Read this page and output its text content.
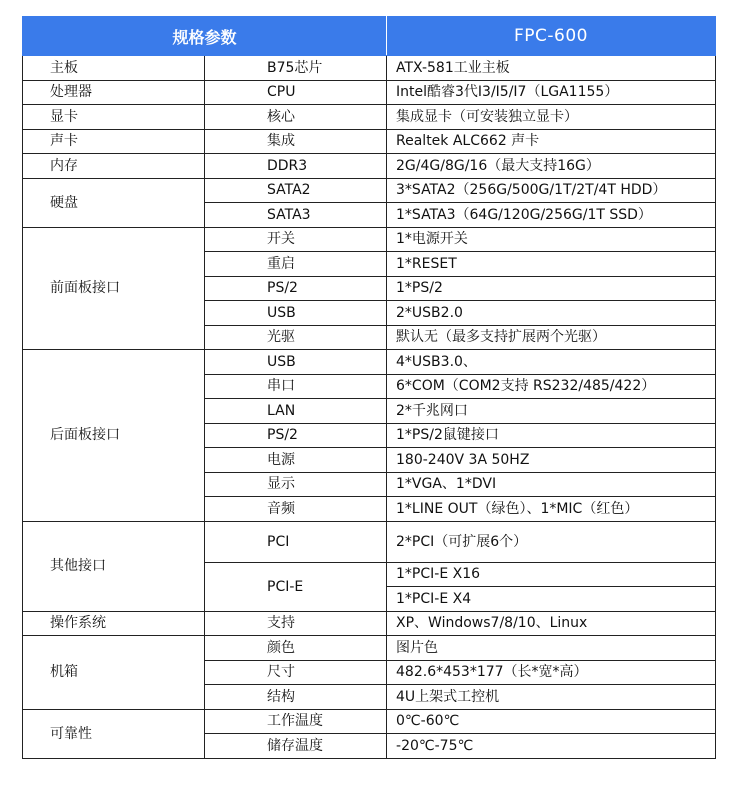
规格参数		FPC-600
主板	B75芯片	ATX-581工业主板
处理器	CPU	Intel酷睿3代I3/I5/I7（LGA1155）
显卡	核心	集成显卡（可安装独立显卡）
声卡	集成	Realtek ALC662 声卡
内存	DDR3	2G/4G/8G/16（最大支持16G）
硬盘	SATA2	3*SATA2（256G/500G/1T/2T/4T HDD）
	SATA3	1*SATA3（64G/120G/256G/1T SSD）
前面板接口	开关	1*电源开关
	重启	1*RESET
	PS/2	1*PS/2
	USB	2*USB2.0
	光驱	默认无（最多支持扩展两个光驱）
后面板接口	USB	4*USB3.0、
	串口	6*COM（COM2支持 RS232/485/422）
	LAN	2*千兆网口
	PS/2	1*PS/2鼠键接口
	电源	180-240V 3A 50HZ
	显示	1*VGA、1*DVI
	音频	1*LINE OUT（绿色）、1*MIC（红色）
其他接口	PCI	2*PCI（可扩展6个）
	PCI-E	1*PCI-E X16
		1*PCI-E X4
操作系统	支持	XP、Windows7/8/10、Linux
机箱	颜色	图片色
	尺寸	482.6*453*177（长*宽*高）
	结构	4U上架式工控机
可靠性	工作温度	0℃-60℃
	储存温度	-20℃-75℃
